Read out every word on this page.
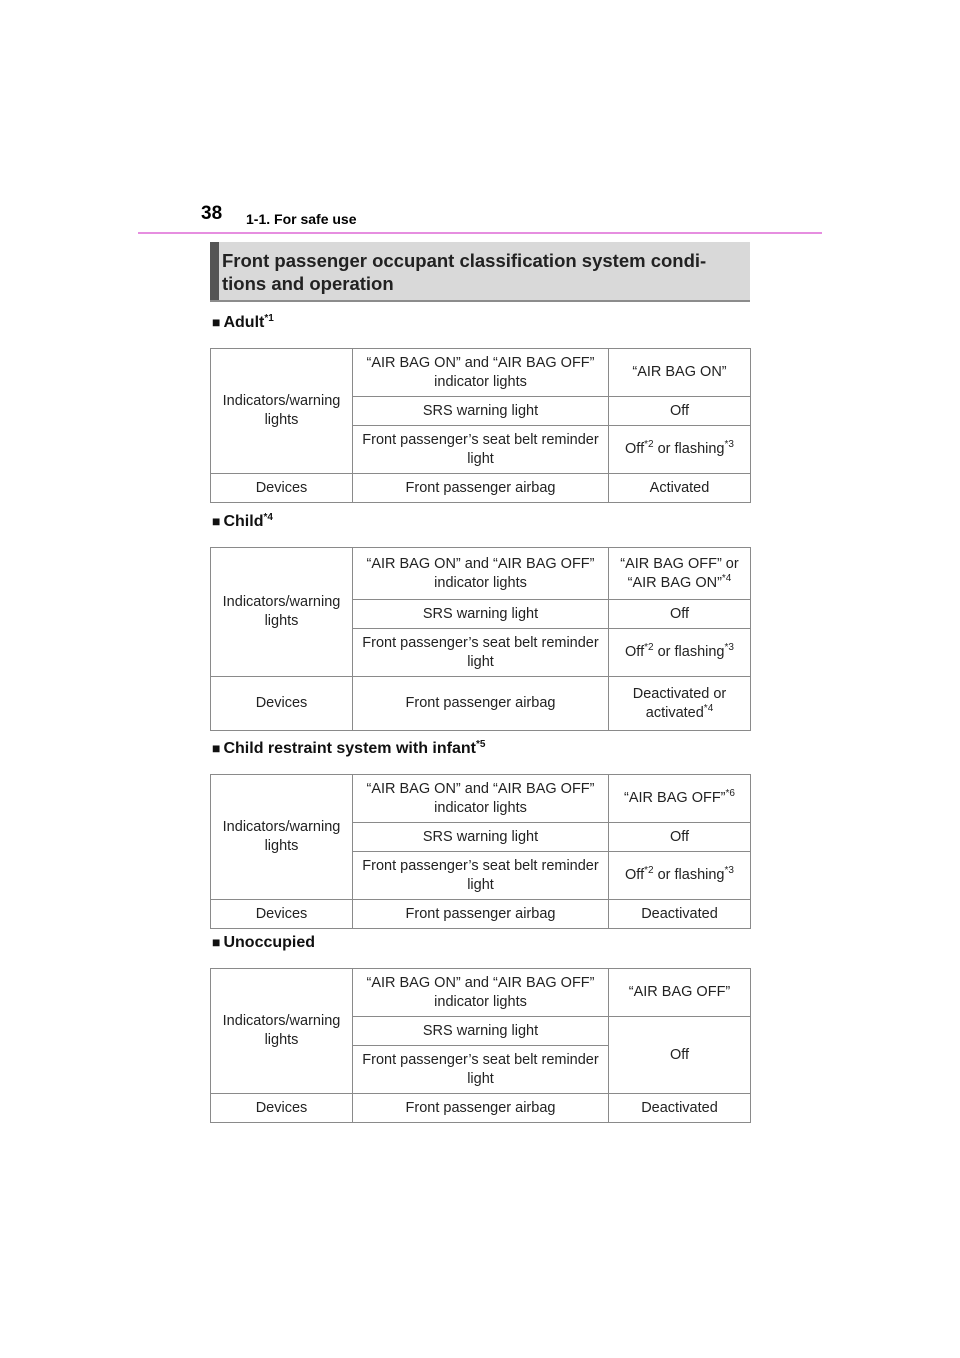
38 1-1. For safe use
Front passenger occupant classification system condi-tions and operation
■ Adult$^{*1}$
Indicators/warning lights	“AIR BAG ON” and “AIR BAG OFF” indicator lights	“AIR BAG ON”
	SRS warning light	Off
	Front passenger’s seat belt reminder light	Off$^{*2}$ or flashing$^{*3}$
Devices	Front passenger airbag	Activated
■ Child$^{*4}$
Indicators/warning lights	“AIR BAG ON” and “AIR BAG OFF” indicator lights	“AIR BAG OFF” or “AIR BAG ON”$^{*4}$
	SRS warning light	Off
	Front passenger’s seat belt reminder light	Off$^{*2}$ or flashing$^{*3}$
Devices	Front passenger airbag	Deactivated or activated$^{*4}$
■ Child restraint system with infant$^{*5}$
Indicators/warning lights	“AIR BAG ON” and “AIR BAG OFF” indicator lights	“AIR BAG OFF”$^{*6}$
	SRS warning light	Off
	Front passenger’s seat belt reminder light	Off$^{*2}$ or flashing$^{*3}$
Devices	Front passenger airbag	Deactivated
■ Unoccupied
Indicators/warning lights	“AIR BAG ON” and “AIR BAG OFF” indicator lights	“AIR BAG OFF”
	SRS warning light	Off
	Front passenger’s seat belt reminder light	
Devices	Front passenger airbag	Deactivated
